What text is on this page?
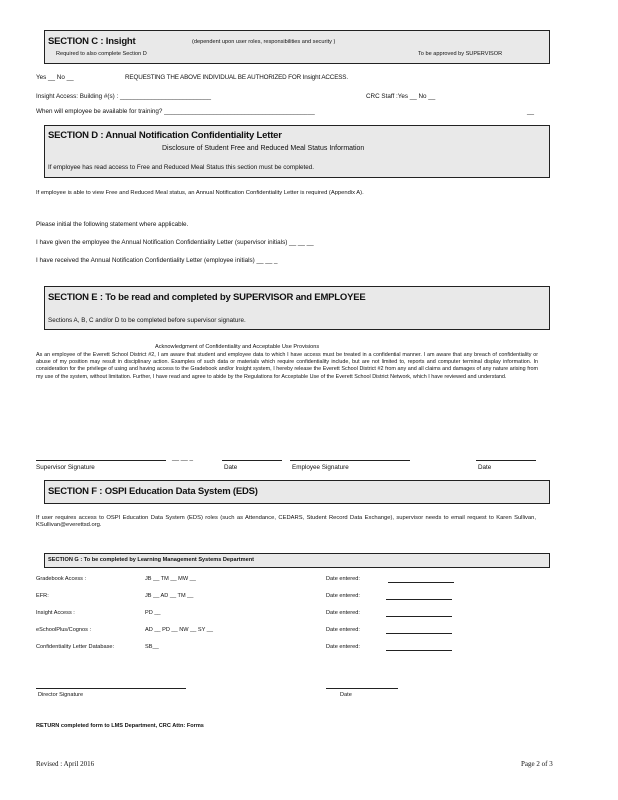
SECTION C : Insight	(dependent upon user roles, responsibilities and security )
Required to also complete Section D	To be approved by SUPERVISOR
Yes __ No __	REQUESTING THE ABOVE INDIVIDUAL BE AUTHORIZED FOR Insight ACCESS.
Insight Access: Building #(s) : __________________________	CRC Staff :Yes __ No __
When will employee be available for training? ___________________________________________	__
SECTION D : Annual Notification Confidentiality Letter
Disclosure of Student Free and Reduced Meal Status Information
If employee has read access to Free and Reduced Meal Status this section must be completed.
If employee is able to view Free and Reduced Meal status, an Annual Notification Confidentiality Letter is required (Appendix A).
Please initial the following statement where applicable.
I have given the employee the Annual Notification Confidentiality Letter (supervisor initials) __ __ __
I have received the Annual Notification Confidentiality Letter (employee initials) __ __ _
SECTION E : To be read and completed by SUPERVISOR and EMPLOYEE
Sections A, B, C and/or D to be completed before supervisor signature.
Acknowledgment of Confidentiality and Acceptable Use Provisions
As an employee of the Everett School District #2, I am aware that student and employee data to which I have access must be treated in a confidential manner. I am aware that any breach of confidentiality or abuse of my position may result in disciplinary action. Examples of such data or materials which require confidentiality include, but are not limited to, reports and computer terminal display information. In consideration for the privilege of using and having access to the Gradebook and/or Insight system, I hereby release the Everett School District #2 from any and all claims and damages of any nature arising from my use of the system, without limitation. Further, I have read and agree to abide by the Regulations for Acceptable Use of the Everett School District Network, which I have reviewed and understand.
__ __ _
Supervisor Signature	Date	Employee Signature	Date
SECTION F : OSPI Education Data System (EDS)
If user requires access to OSPI Education Data System (EDS) roles (such as Attendance, CEDARS, Student Record Data Exchange), supervisor needs to email request to Karen Sullivan, KSullivan@everettsd.org.
SECTION G : To be completed by Learning Management Systems Department
Gradebook Access :	JB __ TM __ MW __	Date entered:
EFR:	JB __ AD __ TM __	Date entered:
Insight Access :	PD __	Date entered:
eSchoolPlus/Cognos :	AD __ PD __ NW __ SY __	Date entered:
Confidentiality Letter Database:	SB__	Date entered:
Director Signature	Date
RETURN completed form to LMS Department, CRC Attn: Forms
Revised : April 2016	Page 2 of 3
